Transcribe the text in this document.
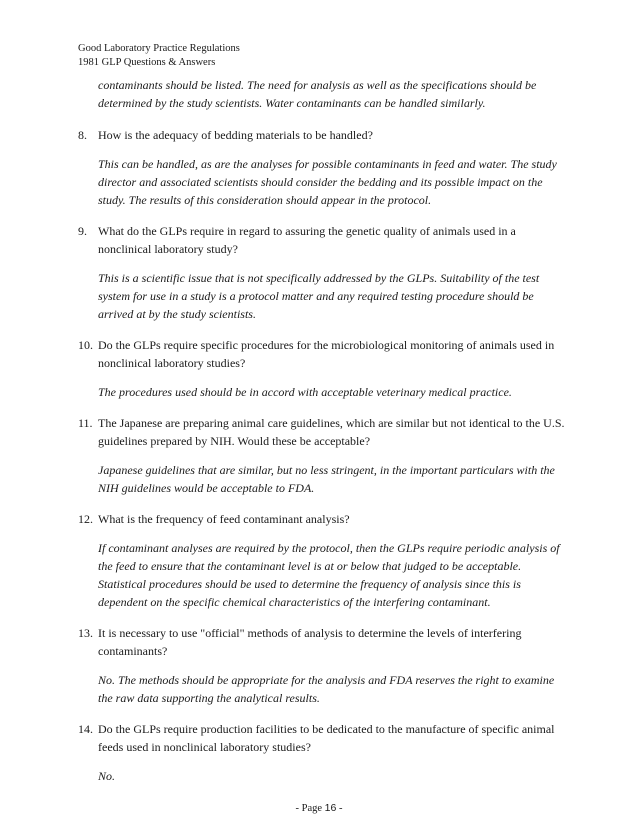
Good Laboratory Practice Regulations
1981 GLP Questions & Answers
contaminants should be listed. The need for analysis as well as the specifications should be determined by the study scientists. Water contaminants can be handled similarly.
8. How is the adequacy of bedding materials to be handled?
This can be handled, as are the analyses for possible contaminants in feed and water. The study director and associated scientists should consider the bedding and its possible impact on the study. The results of this consideration should appear in the protocol.
9. What do the GLPs require in regard to assuring the genetic quality of animals used in a nonclinical laboratory study?
This is a scientific issue that is not specifically addressed by the GLPs. Suitability of the test system for use in a study is a protocol matter and any required testing procedure should be arrived at by the study scientists.
10. Do the GLPs require specific procedures for the microbiological monitoring of animals used in nonclinical laboratory studies?
The procedures used should be in accord with acceptable veterinary medical practice.
11. The Japanese are preparing animal care guidelines, which are similar but not identical to the U.S. guidelines prepared by NIH. Would these be acceptable?
Japanese guidelines that are similar, but no less stringent, in the important particulars with the NIH guidelines would be acceptable to FDA.
12. What is the frequency of feed contaminant analysis?
If contaminant analyses are required by the protocol, then the GLPs require periodic analysis of the feed to ensure that the contaminant level is at or below that judged to be acceptable. Statistical procedures should be used to determine the frequency of analysis since this is dependent on the specific chemical characteristics of the interfering contaminant.
13. It is necessary to use "official" methods of analysis to determine the levels of interfering contaminants?
No. The methods should be appropriate for the analysis and FDA reserves the right to examine the raw data supporting the analytical results.
14. Do the GLPs require production facilities to be dedicated to the manufacture of specific animal feeds used in nonclinical laboratory studies?
No.
- Page 16 -
